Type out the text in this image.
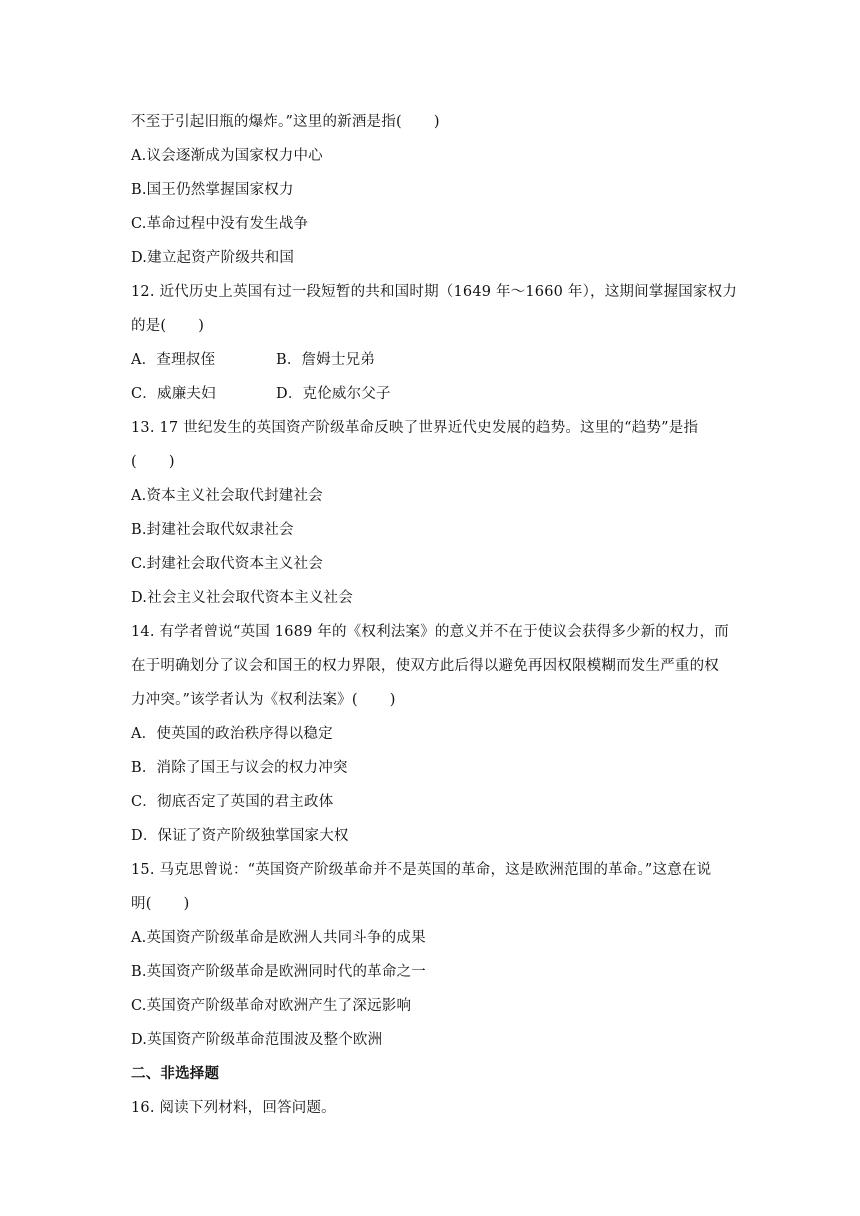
不至于引起旧瓶的爆炸。”这里的新酒是指( )
A.议会逐渐成为国家权力中心
B.国王仍然掌握国家权力
C.革命过程中没有发生战争
D.建立起资产阶级共和国
12. 近代历史上英国有过一段短暂的共和国时期（1649 年～1660 年），这期间掌握国家权力
的是( )
A．查理叔侄	B．詹姆士兄弟
C．威廉夫妇	D．克伦威尔父子
13. 17 世纪发生的英国资产阶级革命反映了世界近代史发展的趋势。这里的“趋势”是指
( )
A.资本主义社会取代封建社会
B.封建社会取代奴隶社会
C.封建社会取代资本主义社会
D.社会主义社会取代资本主义社会
14. 有学者曾说“英国 1689 年的《权利法案》的意义并不在于使议会获得多少新的权力，而
在于明确划分了议会和国王的权力界限，使双方此后得以避免再因权限模糊而发生严重的权
力冲突。”该学者认为《权利法案》( )
A．使英国的政治秩序得以稳定
B．消除了国王与议会的权力冲突
C．彻底否定了英国的君主政体
D．保证了资产阶级独掌国家大权
15. 马克思曾说：“英国资产阶级革命并不是英国的革命，这是欧洲范围的革命。”这意在说
明( )
A.英国资产阶级革命是欧洲人共同斗争的成果
B.英国资产阶级革命是欧洲同时代的革命之一
C.英国资产阶级革命对欧洲产生了深远影响
D.英国资产阶级革命范围波及整个欧洲
二、非选择题
16. 阅读下列材料，回答问题。
